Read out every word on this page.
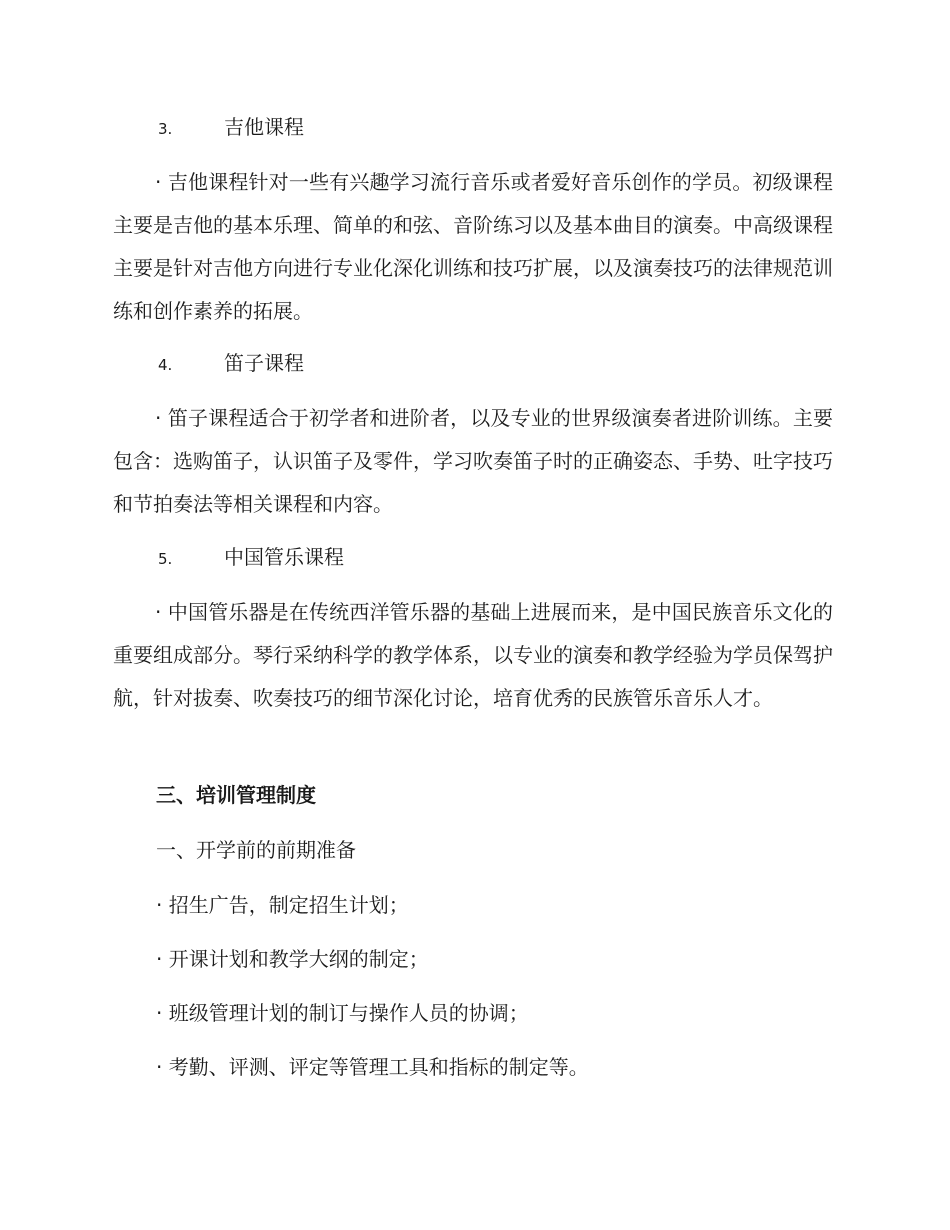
3.	吉他课程
· 吉他课程针对一些有兴趣学习流行音乐或者爱好音乐创作的学员。初级课程主要是吉他的基本乐理、简单的和弦、音阶练习以及基本曲目的演奏。中高级课程主要是针对吉他方向进行专业化深化训练和技巧扩展，以及演奏技巧的法律规范训练和创作素养的拓展。
4.	笛子课程
· 笛子课程适合于初学者和进阶者，以及专业的世界级演奏者进阶训练。主要包含：选购笛子，认识笛子及零件，学习吹奏笛子时的正确姿态、手势、吐字技巧和节拍奏法等相关课程和内容。
5.	中国管乐课程
· 中国管乐器是在传统西洋管乐器的基础上进展而来，是中国民族音乐文化的重要组成部分。琴行采纳科学的教学体系，以专业的演奏和教学经验为学员保驾护航，针对拔奏、吹奏技巧的细节深化讨论，培育优秀的民族管乐音乐人才。
三、培训管理制度
一、开学前的前期准备
· 招生广告，制定招生计划；
· 开课计划和教学大纲的制定；
· 班级管理计划的制订与操作人员的协调；
· 考勤、评测、评定等管理工具和指标的制定等。
